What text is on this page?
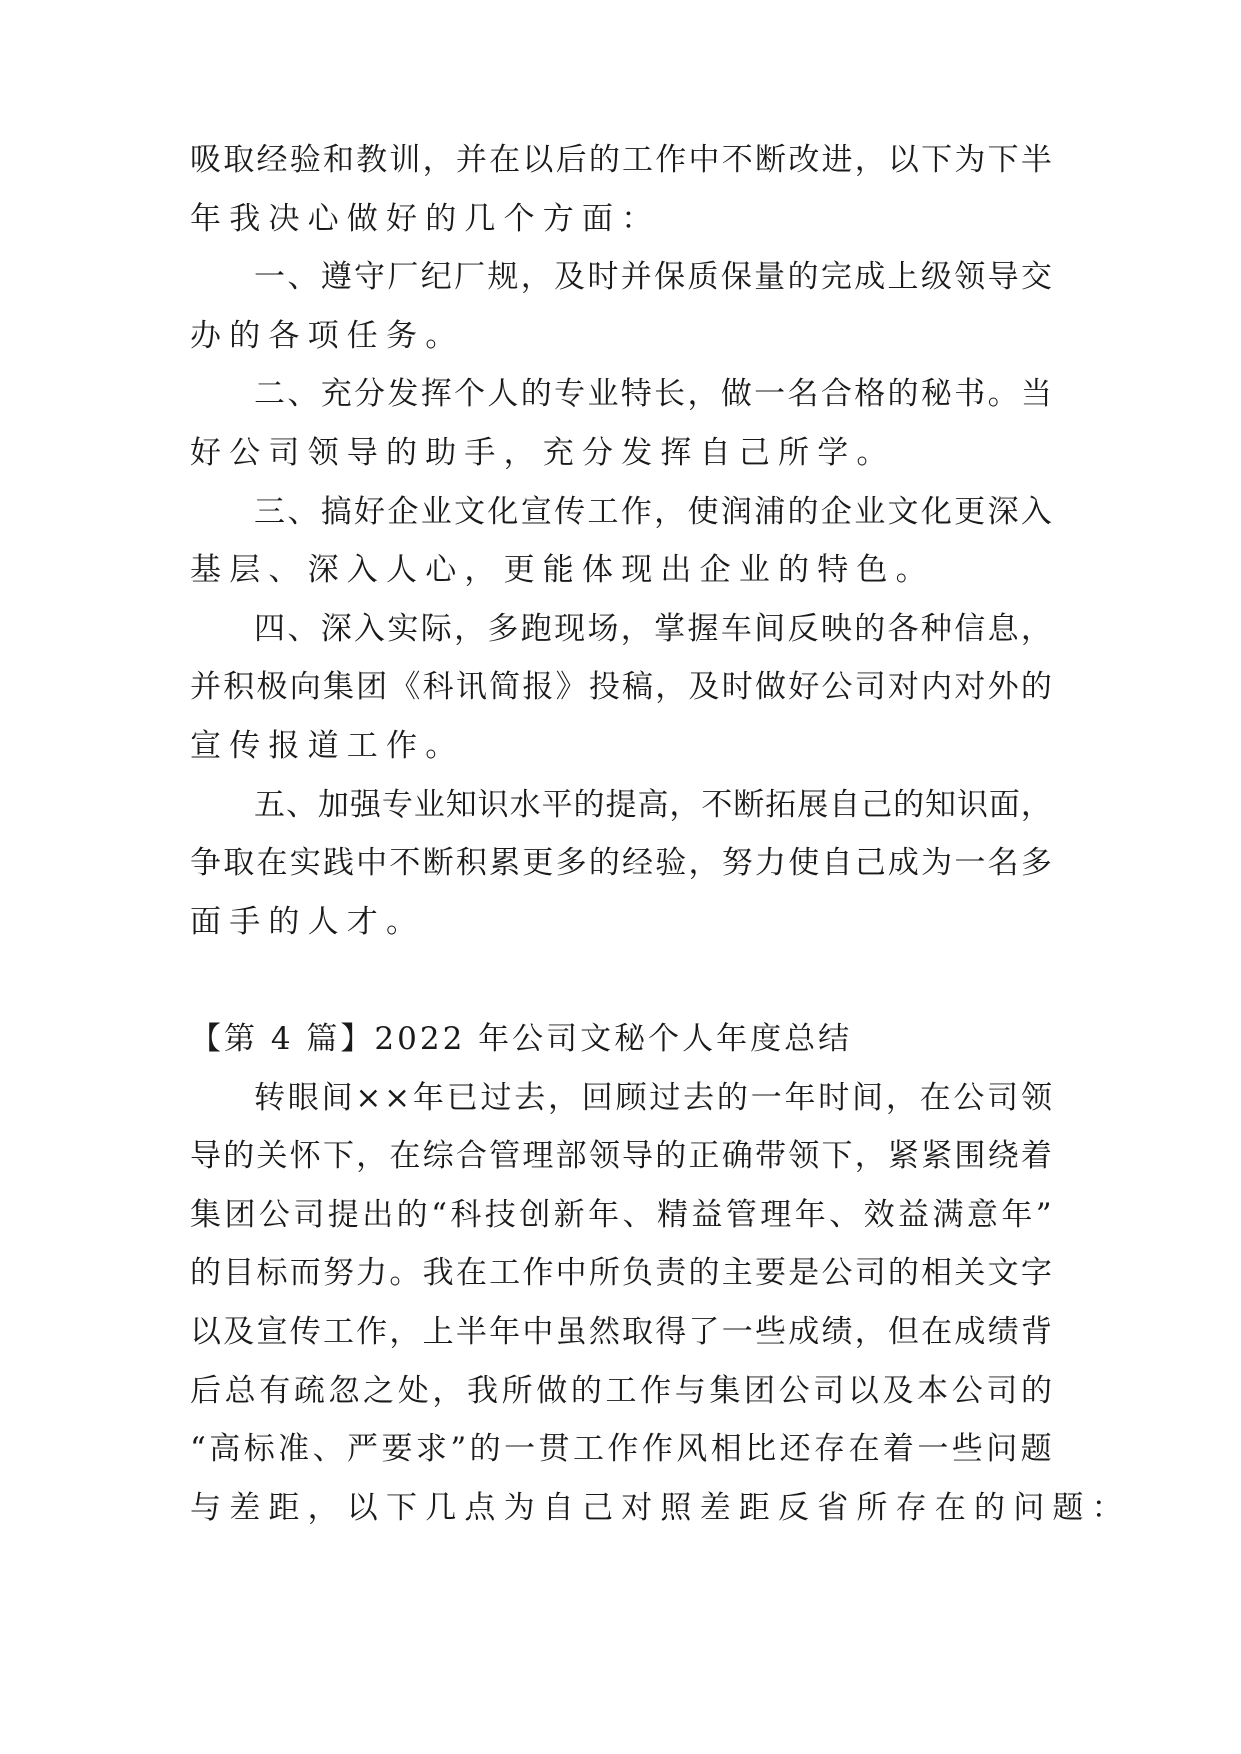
吸 取 经 验 和 教 训 ， 并 在 以 后 的 工 作 中 不 断 改 进 ， 以 下 为 下 半
年 我 决 心 做 好 的 几 个 方 面 ：
一 、 遵 守 厂 纪 厂 规 ， 及 时 并 保 质 保 量 的 完 成 上 级 领 导 交
办 的 各 项 任 务 。
二 、 充 分 发 挥 个 人 的 专 业 特 长 ， 做 一 名 合 格 的 秘 书 。 当
好 公 司 领 导 的 助 手 ， 充 分 发 挥 自 己 所 学 。
三 、 搞 好 企 业 文 化 宣 传 工 作 ， 使 润 浦 的 企 业 文 化 更 深 入
基 层 、 深 入 人 心 ， 更 能 体 现 出 企 业 的 特 色 。
四 、 深 入 实 际 ， 多 跑 现 场 ， 掌 握 车 间 反 映 的 各 种 信 息 ，
并 积 极 向 集 团 《 科 讯 简 报 》 投 稿 ， 及 时 做 好 公 司 对 内 对 外 的
宣 传 报 道 工 作 。
五 、 加 强 专 业 知 识 水 平 的 提 高 ， 不 断 拓 展 自 己 的 知 识 面 ，
争 取 在 实 践 中 不 断 积 累 更 多 的 经 验 ， 努 力 使 自 己 成 为 一 名 多
面 手 的 人 才 。
【第 4 篇】2022 年公司文秘个人年度总结
转 眼 间 × × 年 已 过 去 ， 回 顾 过 去 的 一 年 时 间 ， 在 公 司 领
导 的 关 怀 下 ， 在 综 合 管 理 部 领 导 的 正 确 带 领 下 ， 紧 紧 围 绕 着
集 团 公 司 提 出 的 “ 科 技 创 新 年 、 精 益 管 理 年 、 效 益 满 意 年 ”
的 目 标 而 努 力 。 我 在 工 作 中 所 负 责 的 主 要 是 公 司 的 相 关 文 字
以 及 宣 传 工 作 ， 上 半 年 中 虽 然 取 得 了 一 些 成 绩 ， 但 在 成 绩 背
后 总 有 疏 忽 之 处 ， 我 所 做 的 工 作 与 集 团 公 司 以 及 本 公 司 的
“ 高 标 准 、 严 要 求 ” 的 一 贯 工 作 作 风 相 比 还 存 在 着 一 些 问 题
与 差 距 ， 以 下 几 点 为 自 己 对 照 差 距 反 省 所 存 在 的 问 题 ：
